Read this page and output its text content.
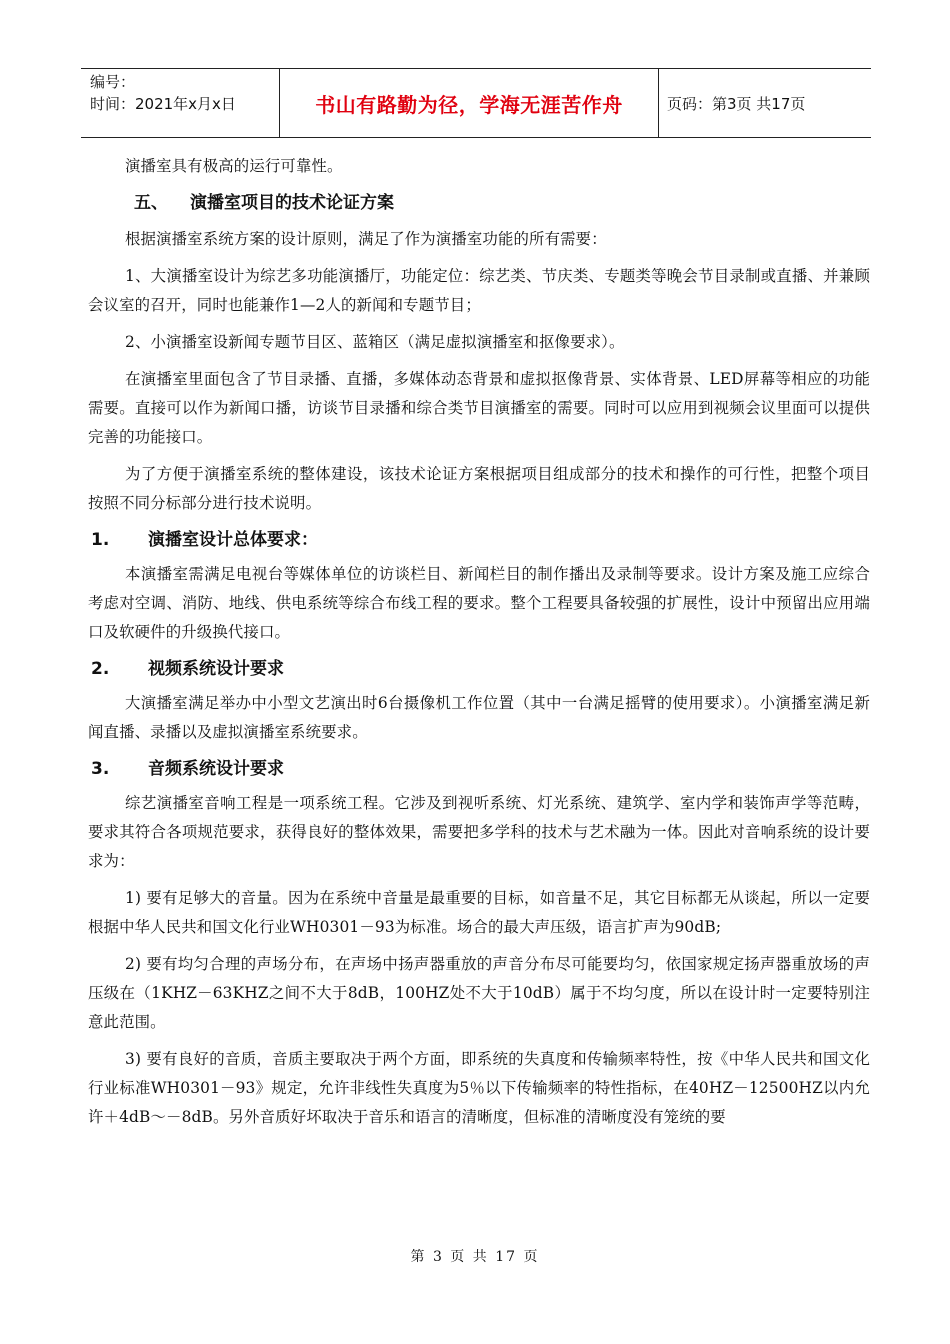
编号：
时间：2021年x月x日	书山有路勤为径，学海无涯苦作舟	页码：第3页 共17页

演播室具有极高的运行可靠性。

五、 演播室项目的技术论证方案

根据演播室系统方案的设计原则，满足了作为演播室功能的所有需要：

1、大演播室设计为综艺多功能演播厅，功能定位：综艺类、节庆类、专题类等晚会节目录制或直播、并兼顾会议室的召开，同时也能兼作1—2人的新闻和专题节目；

2、小演播室设新闻专题节目区、蓝箱区（满足虚拟演播室和抠像要求）。

在演播室里面包含了节目录播、直播，多媒体动态背景和虚拟抠像背景、实体背景、LED屏幕等相应的功能需要。直接可以作为新闻口播，访谈节目录播和综合类节目演播室的需要。同时可以应用到视频会议里面可以提供完善的功能接口。

为了方便于演播室系统的整体建设，该技术论证方案根据项目组成部分的技术和操作的可行性，把整个项目按照不同分标部分进行技术说明。

1. 演播室设计总体要求：

本演播室需满足电视台等媒体单位的访谈栏目、新闻栏目的制作播出及录制等要求。设计方案及施工应综合考虑对空调、消防、地线、供电系统等综合布线工程的要求。整个工程要具备较强的扩展性，设计中预留出应用端口及软硬件的升级换代接口。

2. 视频系统设计要求

大演播室满足举办中小型文艺演出时6台摄像机工作位置（其中一台满足摇臂的使用要求）。小演播室满足新闻直播、录播以及虚拟演播室系统要求。

3. 音频系统设计要求

综艺演播室音响工程是一项系统工程。它涉及到视听系统、灯光系统、建筑学、室内学和装饰声学等范畴，要求其符合各项规范要求，获得良好的整体效果，需要把多学科的技术与艺术融为一体。因此对音响系统的设计要求为：

1) 要有足够大的音量。因为在系统中音量是最重要的目标，如音量不足，其它目标都无从谈起，所以一定要根据中华人民共和国文化行业WH0301－93为标准。场合的最大声压级，语言扩声为90dB;

2) 要有均匀合理的声场分布，在声场中扬声器重放的声音分布尽可能要均匀，依国家规定扬声器重放场的声压级在（1KHZ－63KHZ之间不大于8dB，100HZ处不大于10dB）属于不均匀度，所以在设计时一定要特别注意此范围。

3) 要有良好的音质，音质主要取决于两个方面，即系统的失真度和传输频率特性，按《中华人民共和国文化行业标准WH0301－93》规定，允许非线性失真度为5％以下传输频率的特性指标，在40HZ－12500HZ以内允许＋4dB～－8dB。另外音质好坏取决于音乐和语言的清晰度，但标准的清晰度没有笼统的要

第 3 页 共 17 页
